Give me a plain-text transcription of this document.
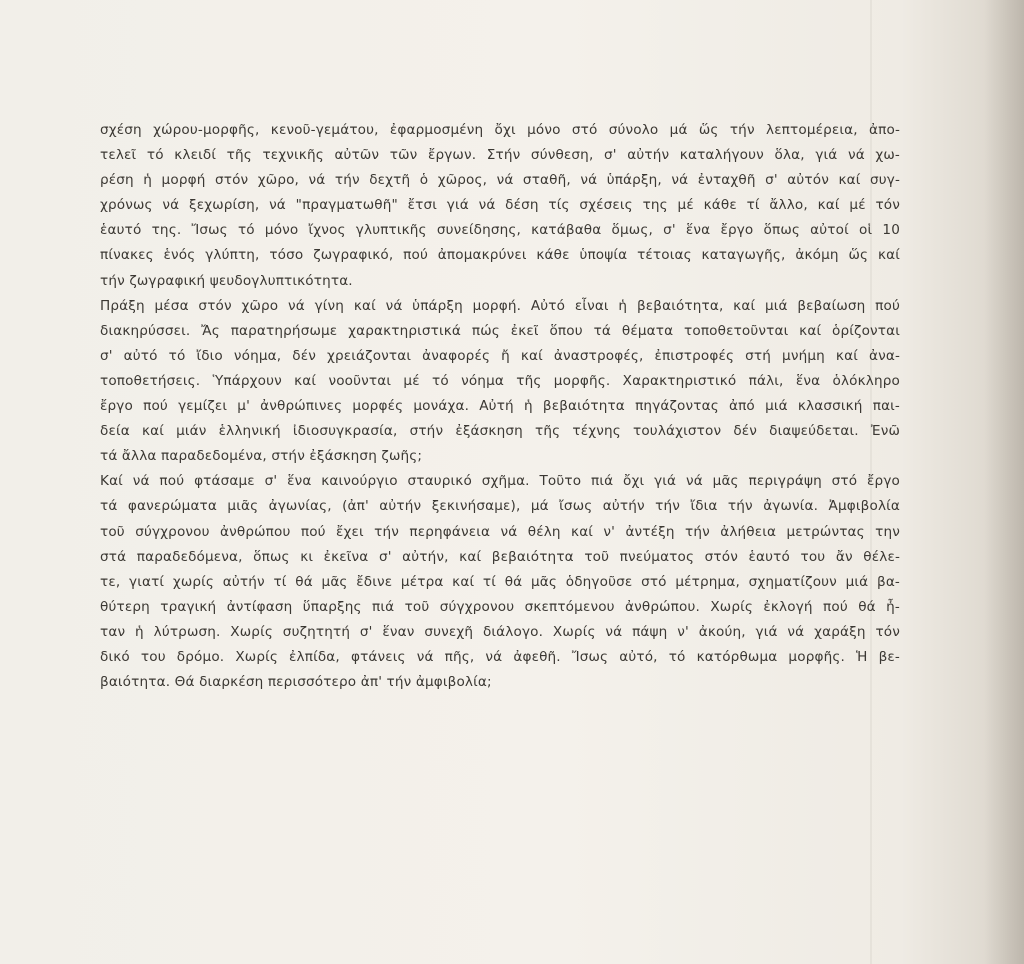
σχέση χώρου-μορφῆς, κενοῦ-γεμάτου, ἐφαρμοσμένη ὄχι μόνο στό σύνολο μά ὥς τήν λεπτομέρεια, ἀπο-
τελεῖ τό κλειδί τῆς τεχνικῆς αὐτῶν τῶν ἔργων. Στήν σύνθεση, σ' αὐτήν καταλήγουν ὅλα, γιά νά χω-
ρέση ἡ μορφή στόν χῶρο, νά τήν δεχτῆ ὁ χῶρος, νά σταθῆ, νά ὑπάρξη, νά ἐνταχθῆ σ' αὐτόν καί συγ-
χρόνως νά ξεχωρίση, νά "πραγματωθῆ" ἔτσι γιά νά δέση τίς σχέσεις της μέ κάθε τί ἄλλο, καί μέ τόν
ἑαυτό της. Ἴσως τό μόνο ἴχνος γλυπτικῆς συνείδησης, κατάβαθα ὅμως, σ' ἕνα ἔργο ὅπως αὐτοί οἱ 10
πίνακες ἑνός γλύπτη, τόσο ζωγραφικό, πού ἀπομακρύνει κάθε ὑποψία τέτοιας καταγωγῆς, ἀκόμη ὥς καί
τήν ζωγραφική ψευδογλυπτικότητα.
Πράξη μέσα στόν χῶρο νά γίνη καί νά ὑπάρξη μορφή. Αὐτό εἶναι ἡ βεβαιότητα, καί μιά βεβαίωση πού
διακηρύσσει. Ἄς παρατηρήσωμε χαρακτηριστικά πώς ἐκεῖ ὅπου τά θέματα τοποθετοῦνται καί ὁρίζονται
σ' αὐτό τό ἴδιο νόημα, δέν χρειάζονται ἀναφορές ἤ καί ἀναστροφές, ἐπιστροφές στή μνήμη καί ἀνα-
τοποθετήσεις. Ὑπάρχουν καί νοοῦνται μέ τό νόημα τῆς μορφῆς. Χαρακτηριστικό πάλι, ἕνα ὁλόκληρο
ἔργο πού γεμίζει μ' ἀνθρώπινες μορφές μονάχα. Αὐτή ἡ βεβαιότητα πηγάζοντας ἀπό μιά κλασσική παι-
δεία καί μιάν ἑλληνική ἰδιοσυγκρασία, στήν ἐξάσκηση τῆς τέχνης τουλάχιστον δέν διαψεύδεται. Ἐνῶ
τά ἄλλα παραδεδομένα, στήν ἐξάσκηση ζωῆς;
Καί νά πού φτάσαμε σ' ἕνα καινούργιο σταυρικό σχῆμα. Τοῦτο πιά ὄχι γιά νά μᾶς περιγράψη στό ἔργο
τά φανερώματα μιᾶς ἀγωνίας, (ἀπ' αὐτήν ξεκινήσαμε), μά ἴσως αὐτήν τήν ἴδια τήν ἀγωνία. Ἀμφιβολία
τοῦ σύγχρονου ἀνθρώπου πού ἔχει τήν περηφάνεια νά θέλη καί ν' ἀντέξη τήν ἀλήθεια μετρώντας την
στά παραδεδόμενα, ὅπως κι ἐκεῖνα σ' αὐτήν, καί βεβαιότητα τοῦ πνεύματος στόν ἑαυτό του ἄν θέλε-
τε, γιατί χωρίς αὐτήν τί θά μᾶς ἔδινε μέτρα καί τί θά μᾶς ὁδηγοῦσε στό μέτρημα, σχηματίζουν μιά βα-
θύτερη τραγική ἀντίφαση ὕπαρξης πιά τοῦ σύγχρονου σκεπτόμενου ἀνθρώπου. Χωρίς ἐκλογή πού θά ἦ-
ταν ἡ λύτρωση. Χωρίς συζητητή σ' ἕναν συνεχῆ διάλογο. Χωρίς νά πάψη ν' ἀκούη, γιά νά χαράξη τόν
δικό του δρόμο. Χωρίς ἐλπίδα, φτάνεις νά πῆς, νά ἀφεθῆ. Ἴσως αὐτό, τό κατόρθωμα μορφῆς. Ἡ βε-
βαιότητα. Θά διαρκέση περισσότερο ἀπ' τήν ἀμφιβολία;
